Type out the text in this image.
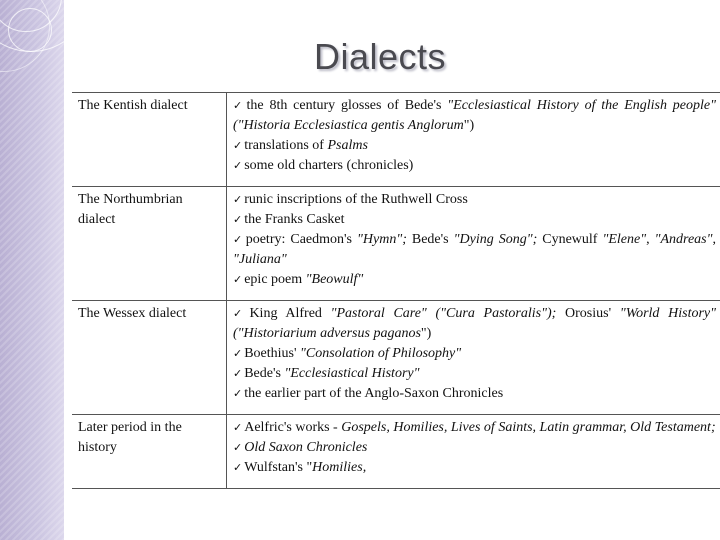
Dialects
The Kentish dialect	✓ the 8th century glosses of Bede's "Ecclesiastical History of the English people" ("Historia Ecclesiastica gentis Anglorum")
✓ translations of Psalms
✓ some old charters (chronicles)

The Northumbrian dialect	✓ runic inscriptions of the Ruthwell Cross
✓ the Franks Casket
✓ poetry: Caedmon's "Hymn"; Bede's "Dying Song"; Cynewulf "Elene", "Andreas", "Juliana"
✓ epic poem "Beowulf"

The Wessex dialect	✓ King Alfred "Pastoral Care" ("Cura Pastoralis"); Orosius' "World History" ("Historiarium adversus paganos")
✓ Boethius' "Consolation of Philosophy"
✓ Bede's "Ecclesiastical History"
✓ the earlier part of the Anglo-Saxon Chronicles

Later period in the history	✓ Aelfric's works - Gospels, Homilies, Lives of Saints, Latin grammar, Old Testament;
✓ Old Saxon Chronicles
✓ Wulfstan's "Homilies,
